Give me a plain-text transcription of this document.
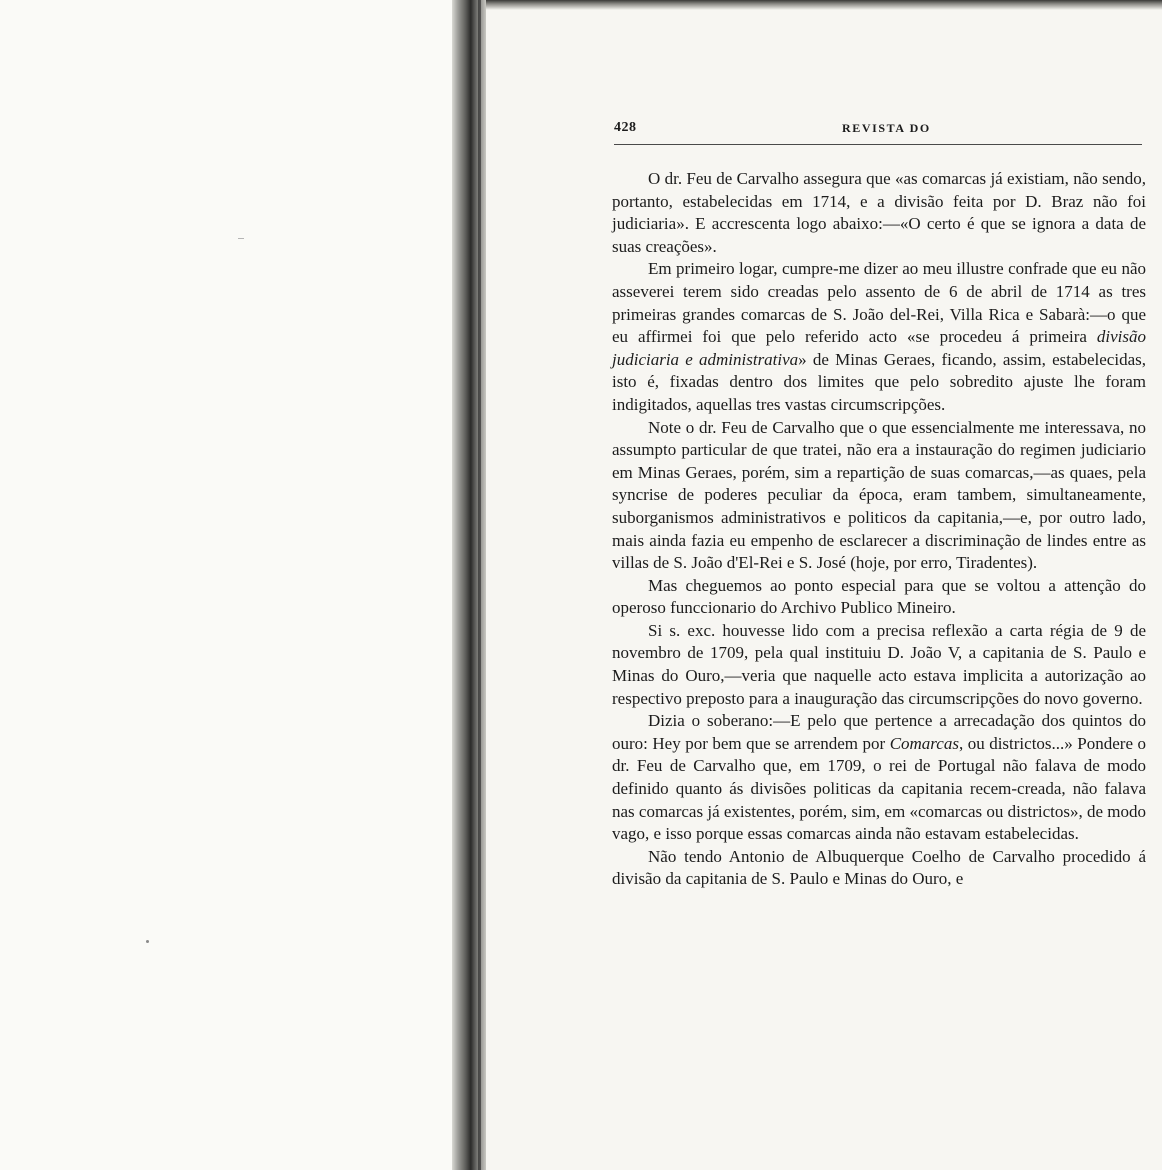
428	REVISTA DO

O dr. Feu de Carvalho assegura que «as comarcas já existiam, não sendo, portanto, estabelecidas em 1714, e a divisão feita por D. Braz não foi judiciaria». E accrescenta logo abaixo:—«O certo é que se ignora a data de suas creações».

Em primeiro logar, cumpre-me dizer ao meu illustre confrade que eu não asseverei terem sido creadas pelo assento de 6 de abril de 1714 as tres primeiras grandes comarcas de S. João del-Rei, Villa Rica e Sabarà:—o que eu affirmei foi que pelo referido acto «se procedeu á primeira divisão judiciaria e administrativa» de Minas Geraes, ficando, assim, estabelecidas, isto é, fixadas dentro dos limites que pelo sobredito ajuste lhe foram indigitados, aquellas tres vastas circumscripções.

Note o dr. Feu de Carvalho que o que essencialmente me interessava, no assumpto particular de que tratei, não era a instauração do regimen judiciario em Minas Geraes, porém, sim a repartição de suas comarcas,—as quaes, pela syncrise de poderes peculiar da época, eram tambem, simultaneamente, suborganismos administrativos e politicos da capitania,—e, por outro lado, mais ainda fazia eu empenho de esclarecer a discriminação de lindes entre as villas de S. João d'El-Rei e S. José (hoje, por erro, Tiradentes).

Mas cheguemos ao ponto especial para que se voltou a attenção do operoso funccionario do Archivo Publico Mineiro.

Si s. exc. houvesse lido com a precisa reflexão a carta régia de 9 de novembro de 1709, pela qual instituiu D. João V, a capitania de S. Paulo e Minas do Ouro,—veria que naquelle acto estava implicita a autorização ao respectivo preposto para a inauguração das circumscripções do novo governo.

Dizia o soberano:—E pelo que pertence a arrecadação dos quintos do ouro: Hey por bem que se arrendem por Comarcas, ou districtos...» Pondere o dr. Feu de Carvalho que, em 1709, o rei de Portugal não falava de modo definido quanto ás divisões politicas da capitania recem-creada, não falava nas comarcas já existentes, porém, sim, em «comarcas ou districtos», de modo vago, e isso porque essas comarcas ainda não estavam estabelecidas.

Não tendo Antonio de Albuquerque Coelho de Carvalho procedido á divisão da capitania de S. Paulo e Minas do Ouro, e
